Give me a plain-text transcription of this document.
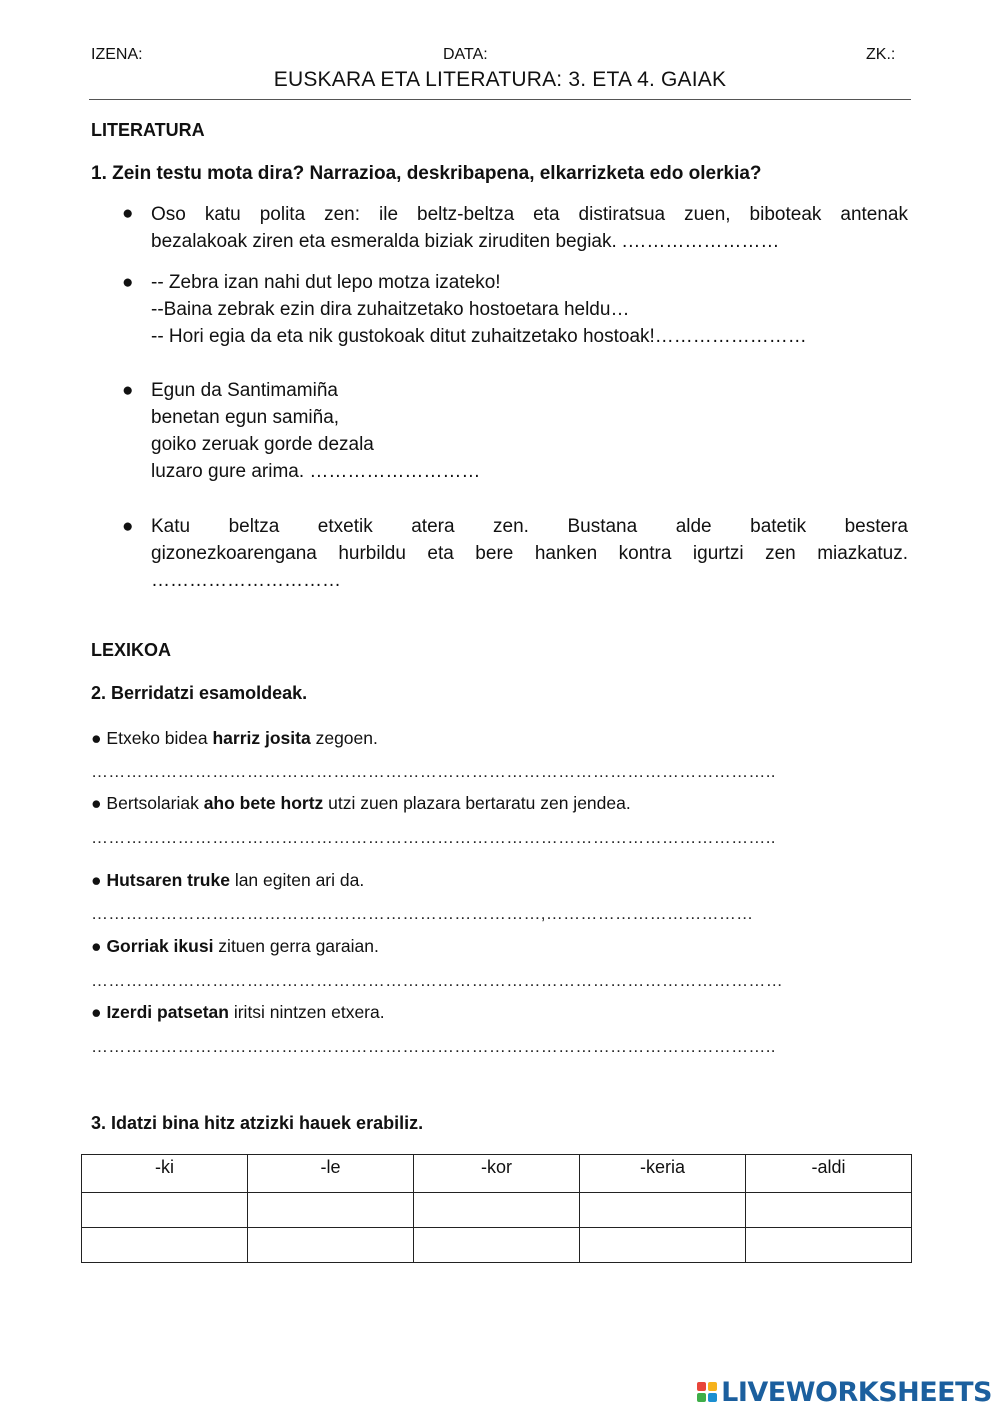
IZENA:	DATA:	ZK.:
EUSKARA ETA LITERATURA: 3. ETA 4. GAIAK
LITERATURA
1. Zein testu mota dira? Narrazioa, deskribapena, elkarrizketa edo olerkia?
● Oso katu polita zen: ile beltz-beltza eta distiratsua zuen, biboteak antenak
bezalakoak ziren eta esmeralda biziak ziruditen begiak. .……………………
● -- Zebra izan nahi dut lepo motza izateko!
--Baina zebrak ezin dira zuhaitzetako hostoetara heldu…
-- Hori egia da eta nik gustokoak ditut zuhaitzetako hostoak!……………………
● Egun da Santimamiña
benetan egun samiña,
goiko zeruak gorde dezala
luzaro gure arima. ………………………
● Katu beltza etxetik atera zen. Bustana alde batetik bestera
gizonezkoarengana hurbildu eta bere hanken kontra igurtzi zen miazkatuz.
…………………………
LEXIKOA
2. Berridatzi esamoldeak.
● Etxeko bidea harriz josita zegoen.
………………………………………………………………………………………………………..
● Bertsolariak aho bete hortz utzi zuen plazara bertaratu zen jendea.
………………………………………………………………………………………………………..
● Hutsaren truke lan egiten ari da.
……………………………………………………………………,………………………………
● Gorriak ikusi zituen gerra garaian.
…………………………………………………………………………………………………………
● Izerdi patsetan iritsi nintzen etxera.
………………………………………………………………………………………………………..
3. Idatzi bina hitz atzizki hauek erabiliz.
-ki	-le	-kor	-keria	-aldi

LIVEWORKSHEETS
